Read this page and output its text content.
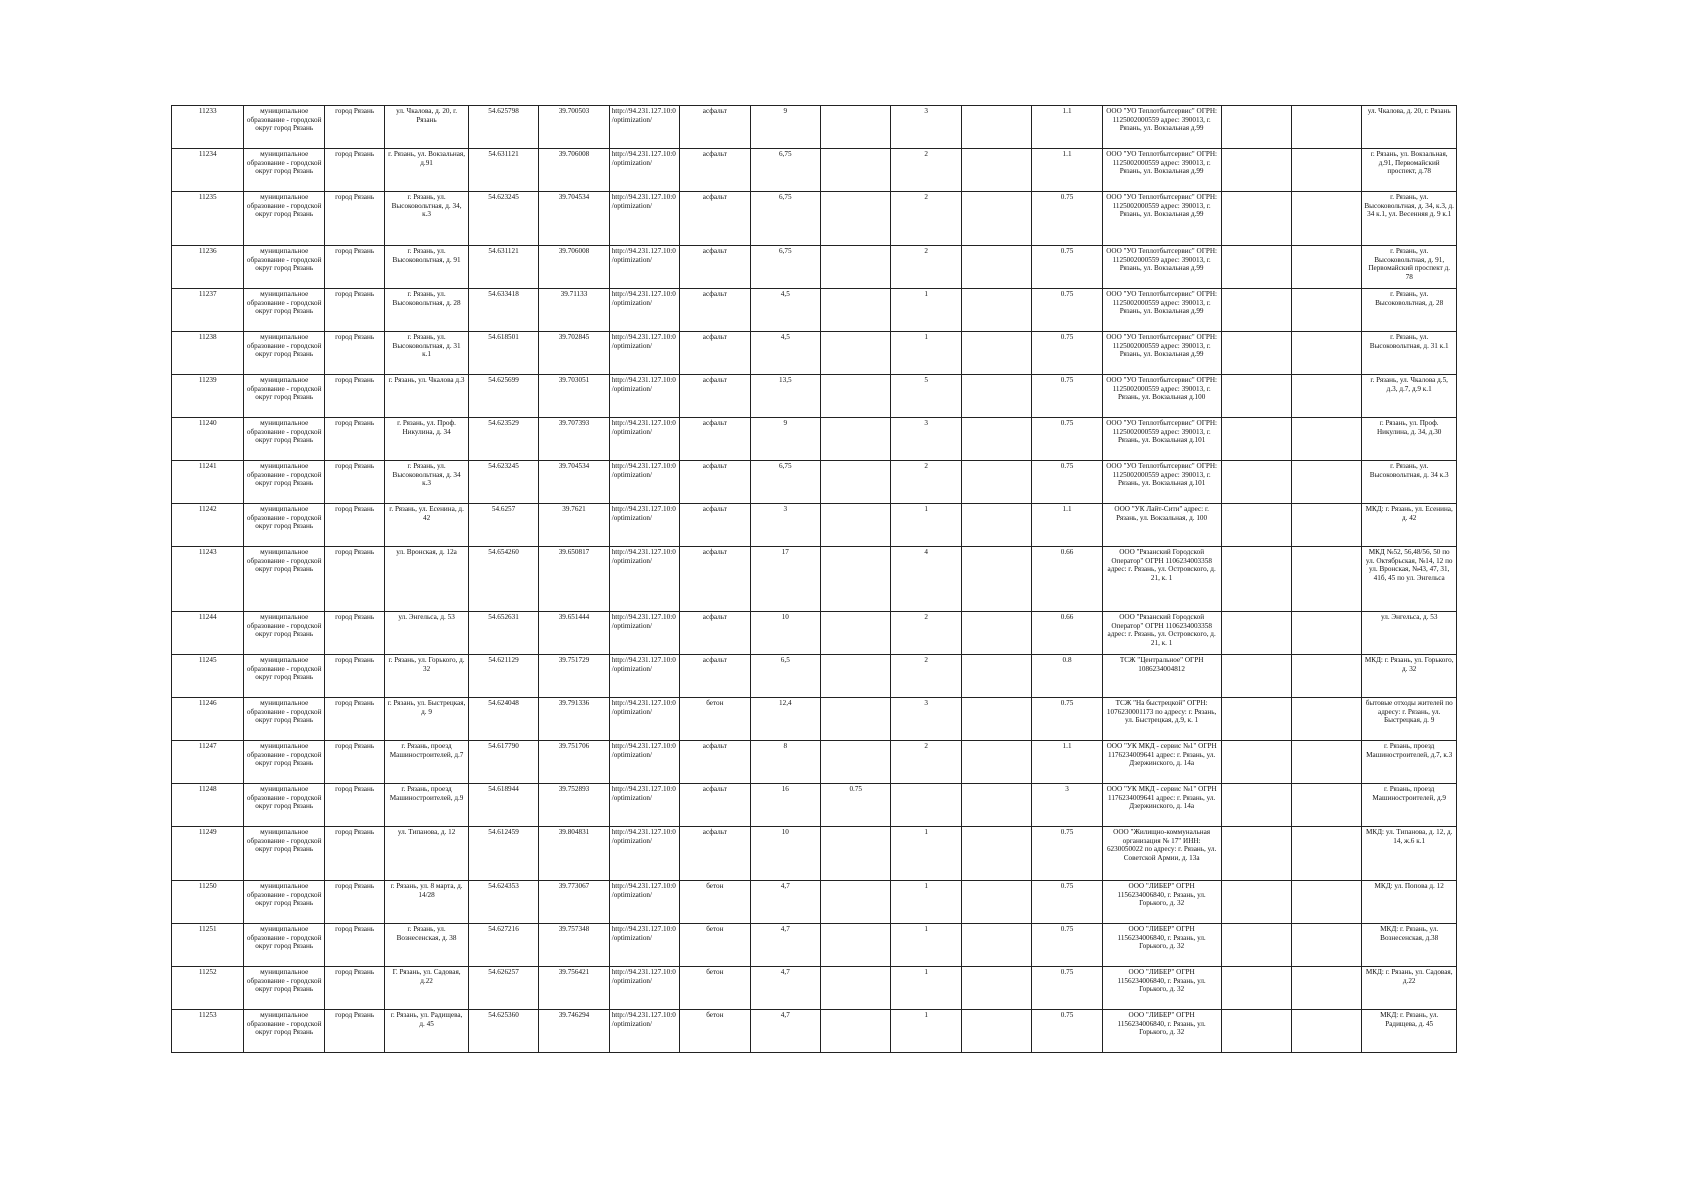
11233	муниципальное образование - городской округ город Рязань	город Рязань	ул. Чкалова, д. 20, г. Рязань	54.625798	39.700503	http://94.231.127.10:0/optimization/	асфальт	9		3		1.1	ООО "УО Теплотбытсервис" ОГРН: 1125002000559 адрес: 390013, г. Рязань, ул. Вокзальная д.99			ул. Чкалова, д. 20, г. Рязань
11234	муниципальное образование - городской округ город Рязань	город Рязань	г. Рязань, ул. Вокзальная, д.91	54.631121	39.706008	http://94.231.127.10:0/optimization/	асфальт	6,75		2		1.1	ООО "УО Теплотбытсервис" ОГРН: 1125002000559 адрес: 390013, г. Рязань, ул. Вокзальная д.99			г. Рязань, ул. Вокзальная, д.91, Первомайский проспект, д.78
11235	муниципальное образование - городской округ город Рязань	город Рязань	г. Рязань, ул. Высоковольтная, д. 34, к.3	54.623245	39.704534	http://94.231.127.10:0/optimization/	асфальт	6,75		2		0.75	ООО "УО Теплотбытсервис" ОГРН: 1125002000559 адрес: 390013, г. Рязань, ул. Вокзальная д.99			г. Рязань, ул. Высоковольтная, д. 34, к.3, д. 34 к.1, ул. Весенняя д. 9 к.1
11236	муниципальное образование - городской округ город Рязань	город Рязань	г. Рязань, ул. Высоковольтная, д. 91	54.631121	39.706008	http://94.231.127.10:0/optimization/	асфальт	6,75		2		0.75	ООО "УО Теплотбытсервис" ОГРН: 1125002000559 адрес: 390013, г. Рязань, ул. Вокзальная д.99			г. Рязань, ул. Высоковольтная, д. 91, Первомайский проспект д. 78
11237	муниципальное образование - городской округ город Рязань	город Рязань	г. Рязань, ул. Высоковольтная, д. 28	54.633418	39.71133	http://94.231.127.10:0/optimization/	асфальт	4,5		1		0.75	ООО "УО Теплотбытсервис" ОГРН: 1125002000559 адрес: 390013, г. Рязань, ул. Вокзальная д.99			г. Рязань, ул. Высоковольтная, д. 28
11238	муниципальное образование - городской округ город Рязань	город Рязань	г. Рязань, ул. Высоковольтная, д. 31 к.1	54.618501	39.702845	http://94.231.127.10:0/optimization/	асфальт	4,5		1		0.75	ООО "УО Теплотбытсервис" ОГРН: 1125002000559 адрес: 390013, г. Рязань, ул. Вокзальная д.99			г. Рязань, ул. Высоковольтная, д. 31 к.1
11239	муниципальное образование - городской округ город Рязань	город Рязань	г. Рязань, ул. Чкалова д.3	54.625699	39.703051	http://94.231.127.10:0/optimization/	асфальт	13,5		5		0.75	ООО "УО Теплотбытсервис" ОГРН: 1125002000559 адрес: 390013, г. Рязань, ул. Вокзальная д.100			г. Рязань, ул. Чкалова д.5, д.3, д.7, д.9 к.1
11240	муниципальное образование - городской округ город Рязань	город Рязань	г. Рязань, ул. Проф. Никулина, д. 34	54.623529	39.707393	http://94.231.127.10:0/optimization/	асфальт	9		3		0.75	ООО "УО Теплотбытсервис" ОГРН: 1125002000559 адрес: 390013, г. Рязань, ул. Вокзальная д.101			г. Рязань, ул. Проф. Никулина, д. 34, д.30
11241	муниципальное образование - городской округ город Рязань	город Рязань	г. Рязань, ул. Высоковольтная, д. 34 к.3	54.623245	39.704534	http://94.231.127.10:0/optimization/	асфальт	6,75		2		0.75	ООО "УО Теплотбытсервис" ОГРН: 1125002000559 адрес: 390013, г. Рязань, ул. Вокзальная д.101			г. Рязань, ул. Высоковольтная, д. 34 к.3
11242	муниципальное образование - городской округ город Рязань	город Рязань	г. Рязань, ул. Есенина, д. 42	54.6257	39.7621	http://94.231.127.10:0/optimization/	асфальт	3		1		1.1	ООО "УК Лайт-Сити" адрес: г. Рязань, ул. Вокзальная, д. 100			МКД: г. Рязань, ул. Есенина, д. 42
11243	муниципальное образование - городской округ город Рязань	город Рязань	ул. Вронская, д. 12а	54.654260	39.650817	http://94.231.127.10:0/optimization/	асфальт	17		4		0.66	ООО "Рязанский Городской Оператор" ОГРН 1106234003358 адрес: г. Рязань, ул. Островского, д. 21, к. 1			МКД №52, 56,48/56, 50 по ул. Октябрьская, №14, 12 по ул. Вронская, №43, 47, 31, 41б, 45 по ул. Энгельса
11244	муниципальное образование - городской округ город Рязань	город Рязань	ул. Энгельса, д. 53	54.652631	39.651444	http://94.231.127.10:0/optimization/	асфальт	10		2		0.66	ООО "Рязанский Городской Оператор" ОГРН 1106234003358 адрес: г. Рязань, ул. Островского, д. 21, к. 1			ул. Энгельса, д. 53
11245	муниципальное образование - городской округ город Рязань	город Рязань	г. Рязань, ул. Горького, д. 32	54.621129	39.751729	http://94.231.127.10:0/optimization/	асфальт	6,5		2		0.8	ТСЖ "Центральное" ОГРН 1086234004812			МКД: г. Рязань, ул. Горького, д. 32
11246	муниципальное образование - городской округ город Рязань	город Рязань	г. Рязань, ул. Быстрецкая, д. 9	54.624048	39.791336	http://94.231.127.10:0/optimization/	бетон	12,4		3		0.75	ТСЖ "На быстрецкой" ОГРН: 1076230001173 по адресу: г. Рязань, ул. Быстрецкая, д.9, к. 1			бытовые отходы жителей по адресу: г. Рязань, ул. Быстрецкая, д. 9
11247	муниципальное образование - городской округ город Рязань	город Рязань	г. Рязань, проезд Машиностроителей, д.7	54.617790	39.751706	http://94.231.127.10:0/optimization/	асфальт	8		2		1.1	ООО "УК МКД - сервис №1" ОГРН 1176234009641 адрес: г. Рязань, ул. Дзержинского, д. 14а			г. Рязань, проезд Машиностроителей, д.7, к.3
11248	муниципальное образование - городской округ город Рязань	город Рязань	г. Рязань, проезд Машиностроителей, д.9	54.618944	39.752893	http://94.231.127.10:0/optimization/	асфальт	16	0.75			3	ООО "УК МКД - сервис №1" ОГРН 1176234009641 адрес: г. Рязань, ул. Дзержинского, д. 14а			г. Рязань, проезд Машиностроителей, д.9
11249	муниципальное образование - городской округ город Рязань	город Рязань	ул. Типанова, д. 12	54.612459	39.804831	http://94.231.127.10:0/optimization/	асфальт	10		1		0.75	ООО "Жилищно-коммунальная организация № 17" ИНН: 6230050022 по адресу: г. Рязань, ул. Советской Армии, д. 13а			МКД: ул. Типанова, д. 12, д. 14, ж.6 к.1
11250	муниципальное образование - городской округ город Рязань	город Рязань	г. Рязань, ул. 8 марта, д. 14/28	54.624353	39.773067	http://94.231.127.10:0/optimization/	бетон	4,7		1		0.75	ООО "ЛИБЕР" ОГРН 1156234006840, г. Рязань, ул. Горького, д. 32			МКД: ул. Попова д. 12
11251	муниципальное образование - городской округ город Рязань	город Рязань	г. Рязань, ул. Вознесенская, д. 38	54.627216	39.757348	http://94.231.127.10:0/optimization/	бетон	4,7		1		0.75	ООО "ЛИБЕР" ОГРН 1156234006840, г. Рязань, ул. Горького, д. 32			МКД: г. Рязань, ул. Вознесенская, д.38
11252	муниципальное образование - городской округ город Рязань	город Рязань	Г. Рязань, ул. Садовая, д.22	54.626257	39.756421	http://94.231.127.10:0/optimization/	бетон	4,7		1		0.75	ООО "ЛИБЕР" ОГРН 1156234006840, г. Рязань, ул. Горького, д. 32			МКД: г. Рязань, ул. Садовая, д.22
11253	муниципальное образование - городской округ город Рязань	город Рязань	г. Рязань, ул. Радищева, д. 45	54.625360	39.746294	http://94.231.127.10:0/optimization/	бетон	4,7		1		0.75	ООО "ЛИБЕР" ОГРН 1156234006840, г. Рязань, ул. Горького, д. 32			МКД: г. Рязань, ул. Радищева, д. 45
